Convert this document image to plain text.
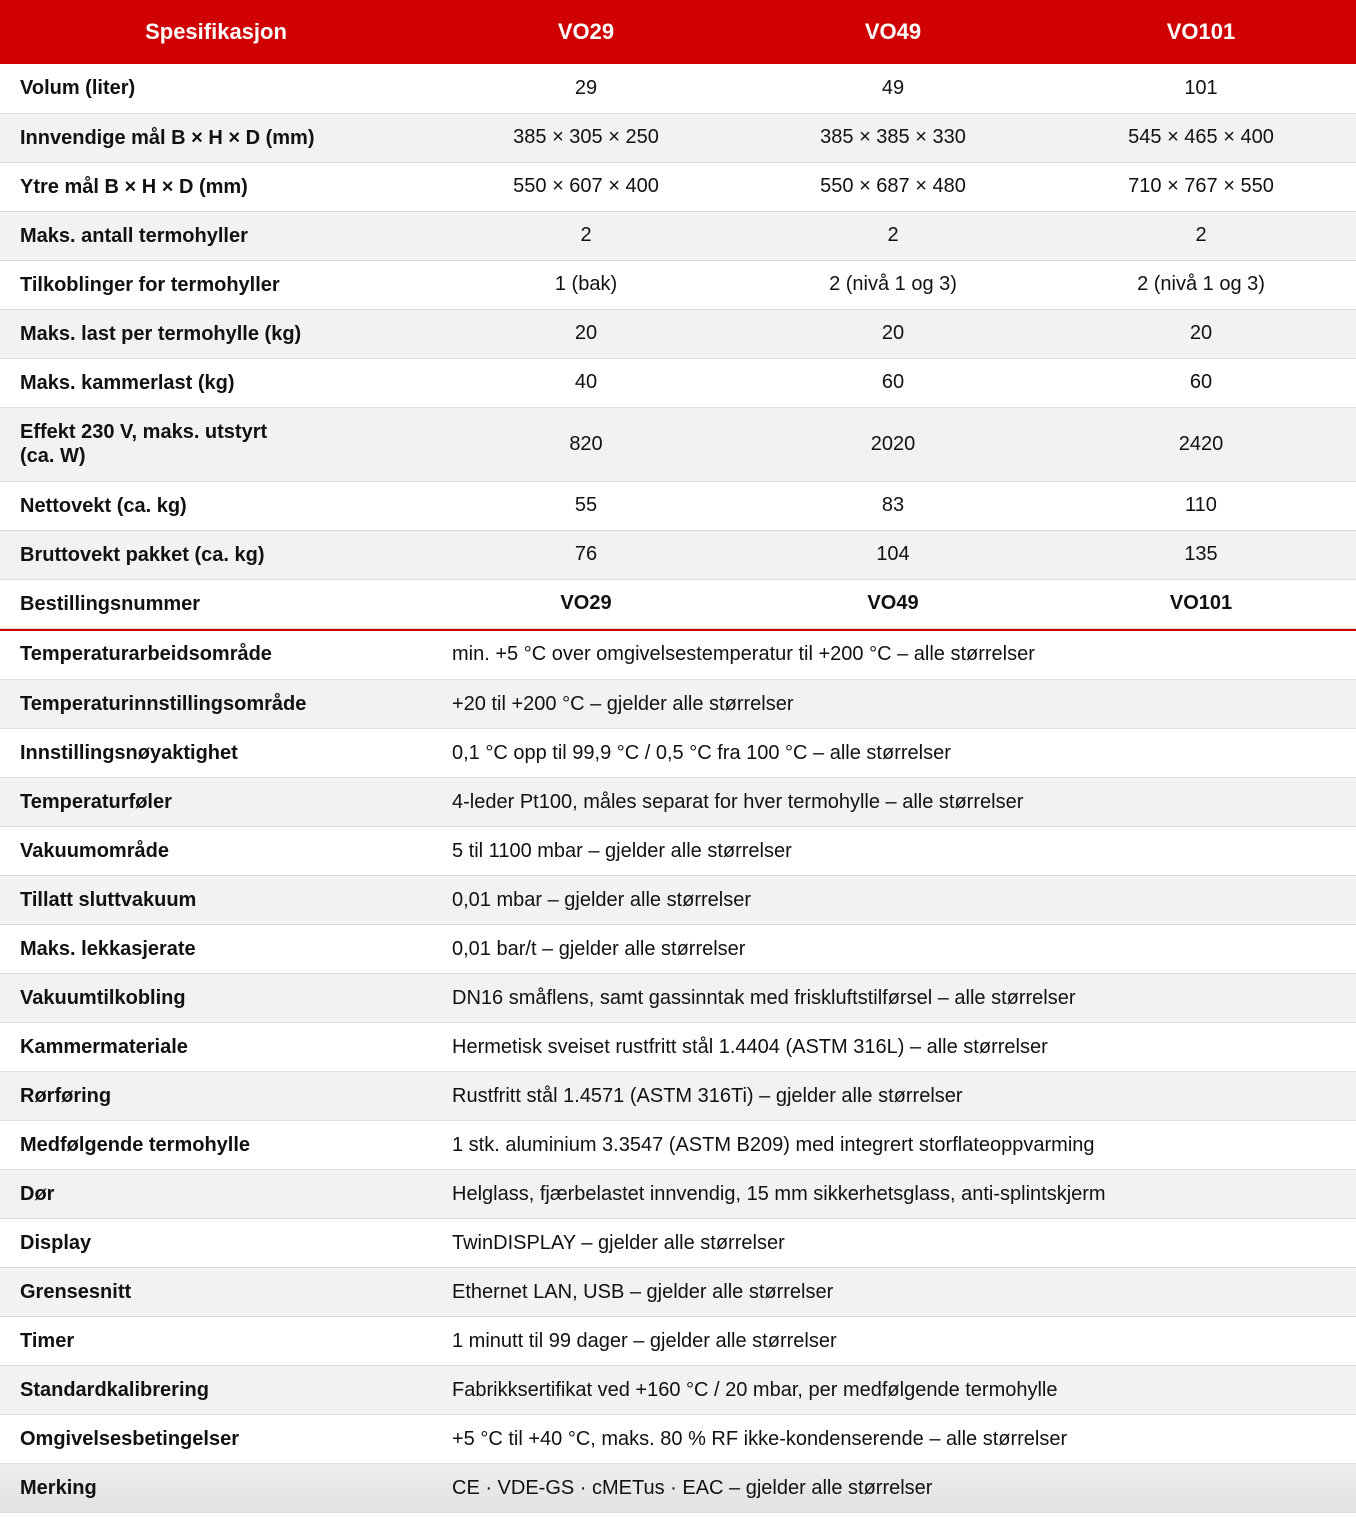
Spesifikasjon	VO29	VO49	VO101
Volum (liter)	29	49	101
Innvendige mål B × H × D (mm)	385 × 305 × 250	385 × 385 × 330	545 × 465 × 400
Ytre mål B × H × D (mm)	550 × 607 × 400	550 × 687 × 480	710 × 767 × 550
Maks. antall termohyller	2	2	2
Tilkoblinger for termohyller	1 (bak)	2 (nivå 1 og 3)	2 (nivå 1 og 3)
Maks. last per termohylle (kg)	20	20	20
Maks. kammerlast (kg)	40	60	60
Effekt 230 V, maks. utstyrt
(ca. W)	820	2020	2420
Nettovekt (ca. kg)	55	83	110
Bruttovekt pakket (ca. kg)	76	104	135
Bestillingsnummer	VO29	VO49	VO101
Temperaturarbeidsområde	min. +5 °C over omgivelsestemperatur til +200 °C – alle størrelser
Temperaturinnstillingsområde	+20 til +200 °C – gjelder alle størrelser
Innstillingsnøyaktighet	0,1 °C opp til 99,9 °C / 0,5 °C fra 100 °C – alle størrelser
Temperaturføler	4-leder Pt100, måles separat for hver termohylle – alle størrelser
Vakuumområde	5 til 1100 mbar – gjelder alle størrelser
Tillatt sluttvakuum	0,01 mbar – gjelder alle størrelser
Maks. lekkasjerate	0,01 bar/t – gjelder alle størrelser
Vakuumtilkobling	DN16 småflens, samt gassinntak med friskluftstilførsel – alle størrelser
Kammermateriale	Hermetisk sveiset rustfritt stål 1.4404 (ASTM 316L) – alle størrelser
Rørføring	Rustfritt stål 1.4571 (ASTM 316Ti) – gjelder alle størrelser
Medfølgende termohylle	1 stk. aluminium 3.3547 (ASTM B209) med integrert storflateoppvarming
Dør	Helglass, fjærbelastet innvendig, 15 mm sikkerhetsglass, anti-splintskjerm
Display	TwinDISPLAY – gjelder alle størrelser
Grensesnitt	Ethernet LAN, USB – gjelder alle størrelser
Timer	1 minutt til 99 dager – gjelder alle størrelser
Standardkalibrering	Fabrikksertifikat ved +160 °C / 20 mbar, per medfølgende termohylle
Omgivelsesbetingelser	+5 °C til +40 °C, maks. 80 % RF ikke-kondenserende – alle størrelser
Merking	CE · VDE-GS · cMETus · EAC – gjelder alle størrelser
